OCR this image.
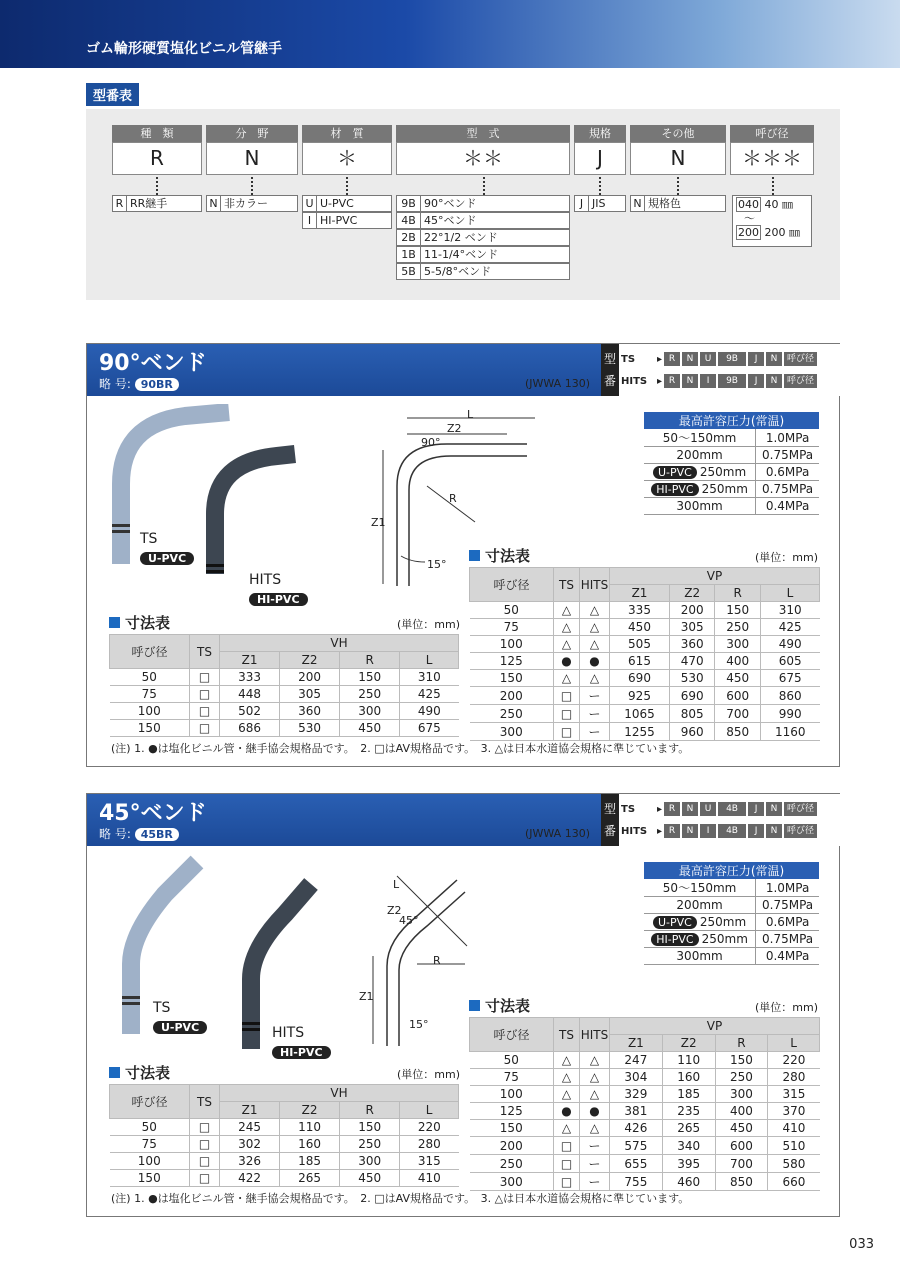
ゴム輪形硬質塩化ビニル管継手
型番表
種　類	分　野	材　質	型　式	規格	その他	呼び径
R	N	＊	＊＊	J	N	＊＊＊
R RR継手	N 非カラー	U U-PVC
I HI-PVC
9B 90°ベンド
4B 45°ベンド
2B 22°1/2 ベンド
1B 11-1/4°ベンド
5B 5-5/8°ベンド
J JIS	N 規格色	040 40 ㎜
～
200 200 ㎜
90°ベンド
略 号: 90BR	(JWWA 130)
型
番
TS	▸ R	N	U	9B	J	N	呼び径
HITS ▸ R	N	I	9B	J	N	呼び径
TS
U-PVC
HITS
HI-PVC
L
Z2
Z1
R
90°
15°
最高許容圧力(常温)	
50～150mm	1.0MPa
200mm	0.75MPa
U-PVC 250mm	0.6MPa
HI-PVC 250mm	0.75MPa
300mm	0.4MPa
寸法表	(単位：mm)
呼び径	TS	HITS	VP			
			Z1	Z2	R	L
50	△	△	335	200	150	310
75	△	△	450	305	250	425
100	△	△	505	360	300	490
125	●	●	615	470	400	605
150	△	△	690	530	450	675
200	□	ー	925	690	600	860
250	□	ー	1065	805	700	990
300	□	ー	1255	960	850	1160
寸法表	(単位：mm)
呼び径	TS	VH			
		Z1	Z2	R	L
50	□	333	200	150	310
75	□	448	305	250	425
100	□	502	360	300	490
150	□	686	530	450	675
(注) 1. ●は塩化ビニル管・継手協会規格品です。　2. □はAV規格品です。　3. △は日本水道協会規格に準じています。
45°ベンド
略 号: 45BR	(JWWA 130)
型
番
TS	▸ R	N	U	4B	J	N	呼び径
HITS ▸ R	N	I	4B	J	N	呼び径
TS
U-PVC	HITS
HI-PVC
L
Z2
Z1
R
45°
15°
最高許容圧力(常温)	
50～150mm	1.0MPa
200mm	0.75MPa
U-PVC 250mm	0.6MPa
HI-PVC 250mm	0.75MPa
300mm	0.4MPa
寸法表	(単位：mm)
呼び径	TS	HITS	VP			
			Z1	Z2	R	L
50	△	△	247	110	150	220
75	△	△	304	160	250	280
100	△	△	329	185	300	315
125	●	●	381	235	400	370
150	△	△	426	265	450	410
200	□	ー	575	340	600	510
250	□	ー	655	395	700	580
300	□	ー	755	460	850	660
寸法表	(単位：mm)
呼び径	TS	VH			
		Z1	Z2	R	L
50	□	245	110	150	220
75	□	302	160	250	280
100	□	326	185	300	315
150	□	422	265	450	410
(注) 1. ●は塩化ビニル管・継手協会規格品です。　2. □はAV規格品です。　3. △は日本水道協会規格に準じています。
033
